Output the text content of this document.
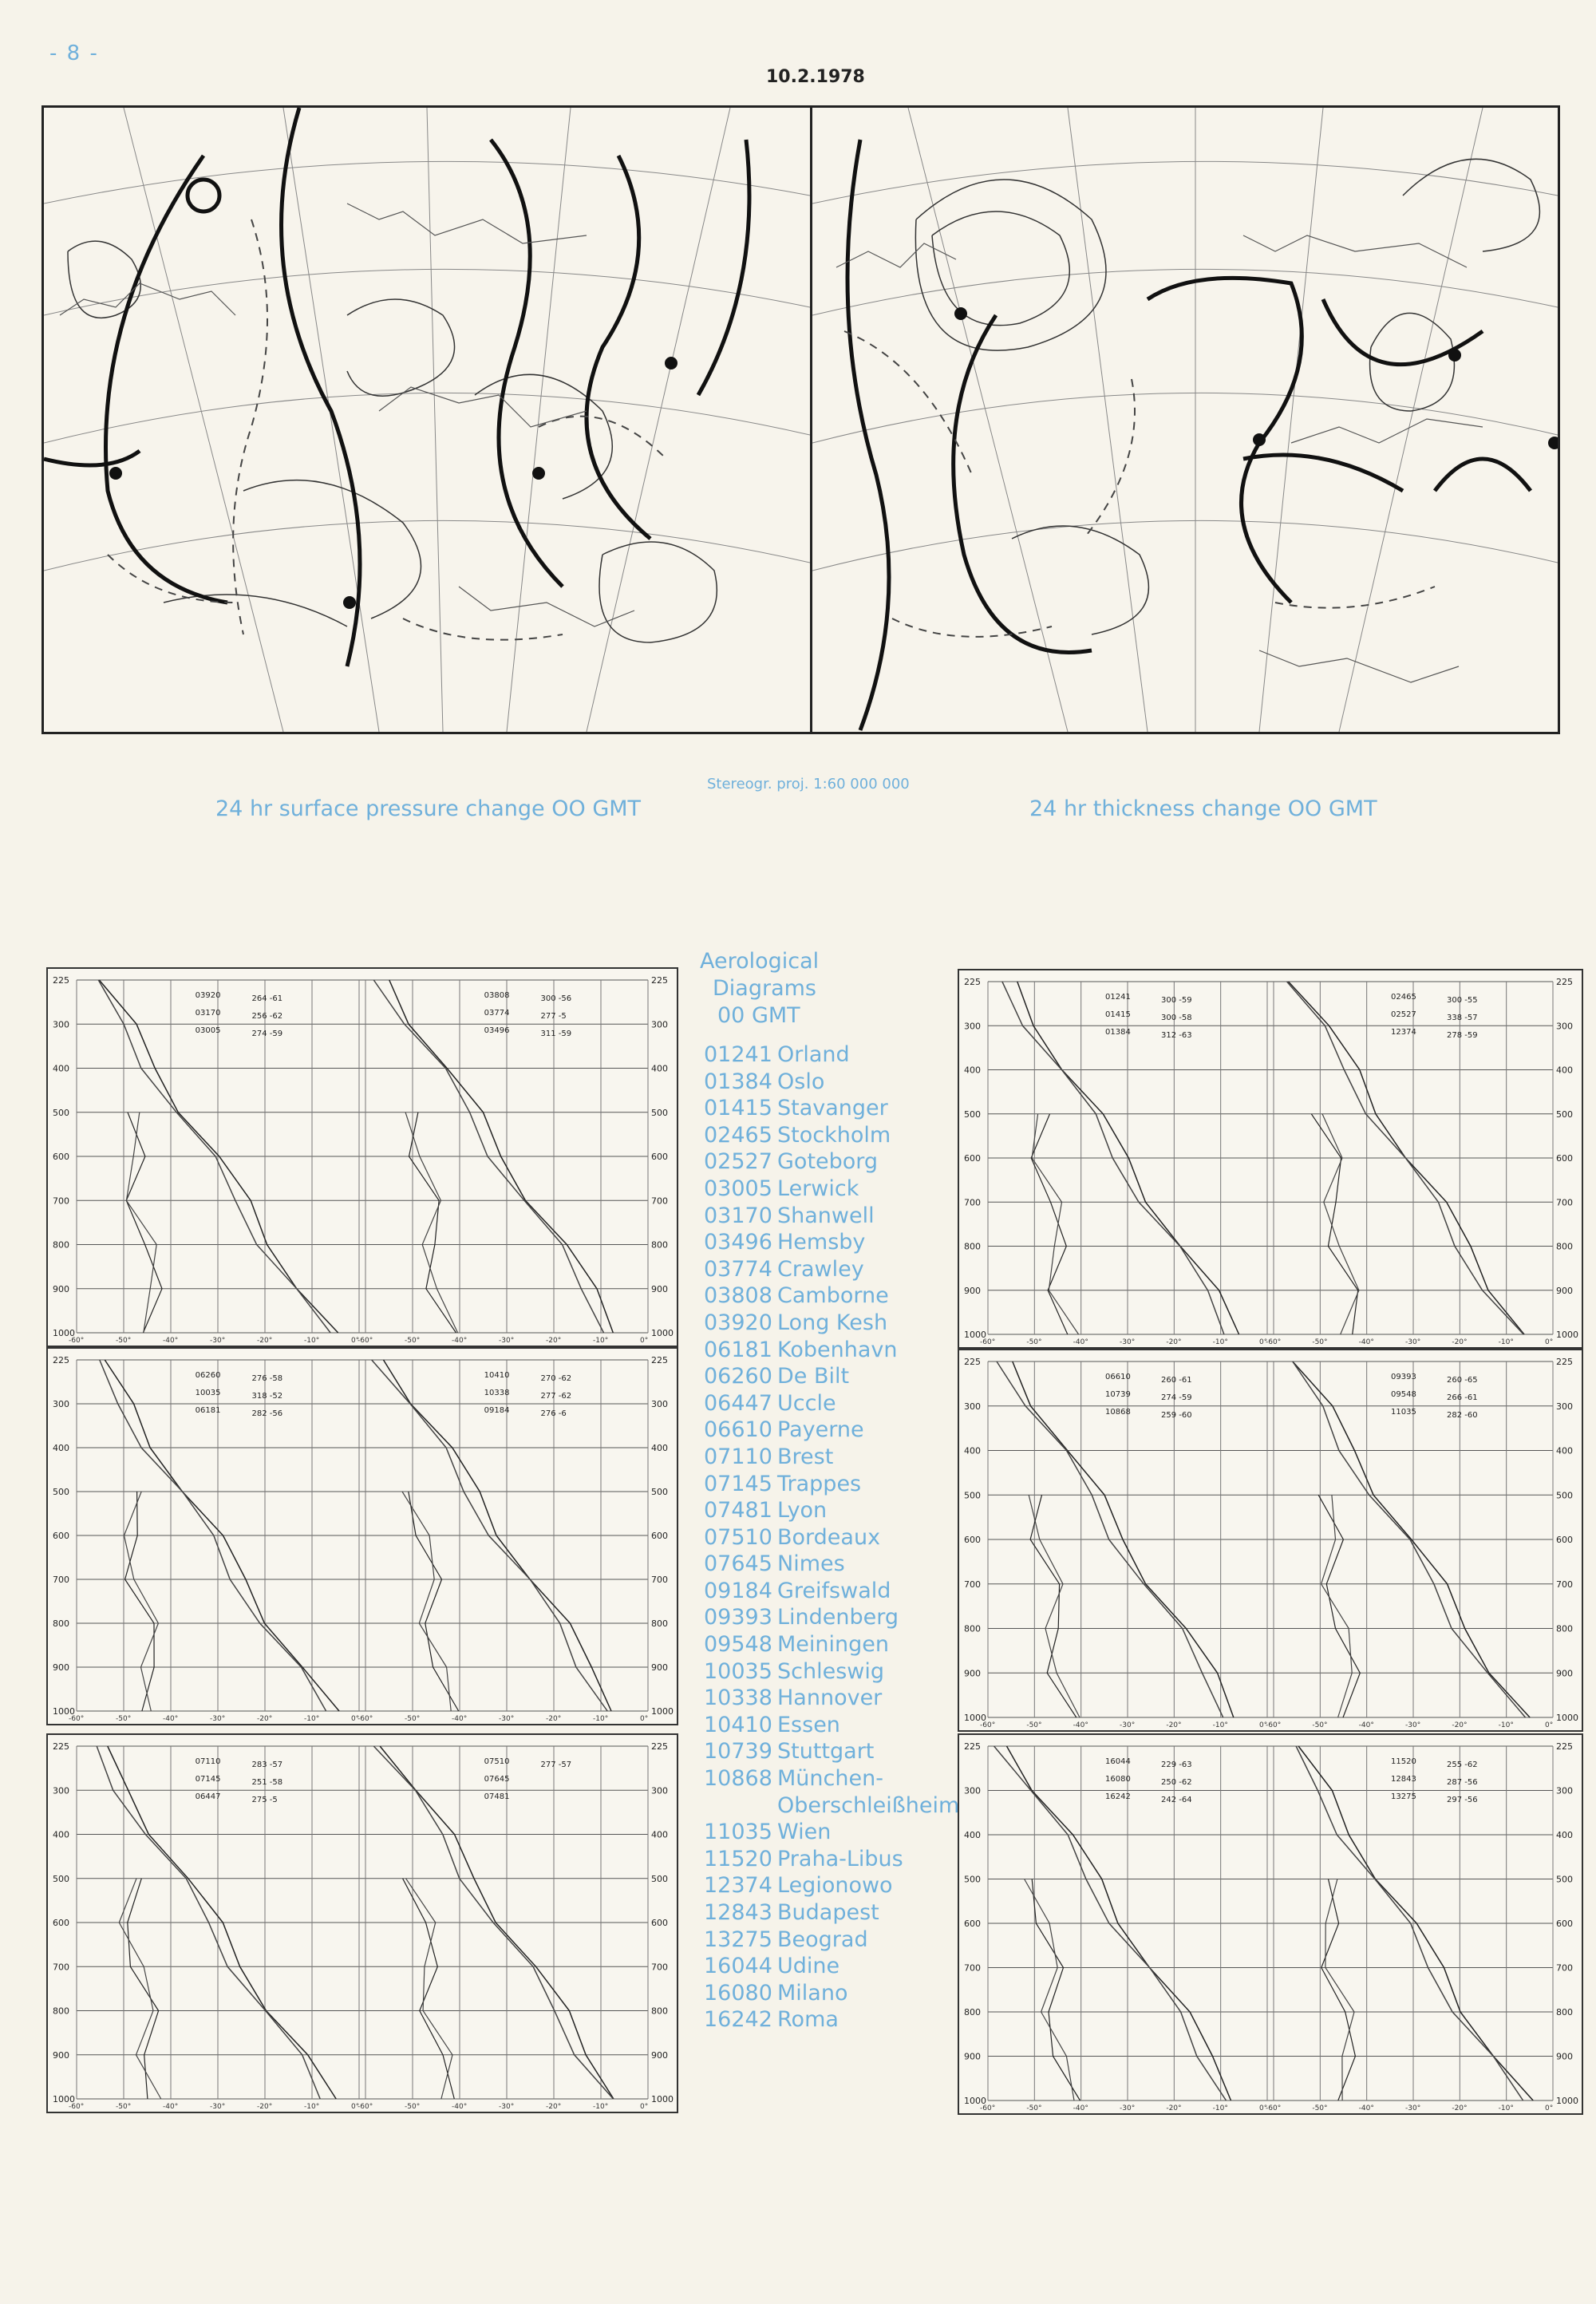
- 8 -
10.2.1978
Stereogr. proj. 1:60 000 000
24 hr surface pressure change OO GMT	24 hr thickness change OO GMT
225	225
300	300
400	400
500	500
600	600
700	700
800	800
900	900
1000	1000
-60°	-50°	-40°	-30°	-20°	-10°	0°
03920	264 -61
03170	256 -62
03005	274 -59
-60°	-50°	-40°	-30°	-20°	-10°	0°
03808	300 -56
03774	277 -5
03496	311 -59
225	225
300	300
400	400
500	500
600	600
700	700
800	800
900	900
1000	1000
-60°	-50°	-40°	-30°	-20°	-10°	0°
06260	276 -58
10035	318 -52
06181	282 -56
-60°	-50°	-40°	-30°	-20°	-10°	0°
10410	270 -62
10338	277 -62
09184	276 -6
225	225
300	300
400	400
500	500
600	600
700	700
800	800
900	900
1000	1000
-60°	-50°	-40°	-30°	-20°	-10°	0°
07110	283 -57
07145	251 -58
06447	275 -5
-60°	-50°	-40°	-30°	-20°	-10°	0°
07510	277 -57
07645
07481
225	225
300	300
400	400
500	500
600	600
700	700
800	800
900	900
1000	1000
-60°	-50°	-40°	-30°	-20°	-10°	0°
01241	300 -59
01415	300 -58
01384	312 -63
-60°	-50°	-40°	-30°	-20°	-10°	0°
02465	300 -55
02527	338 -57
12374	278 -59
225	225
300	300
400	400
500	500
600	600
700	700
800	800
900	900
1000	1000
-60°	-50°	-40°	-30°	-20°	-10°	0°
06610	260 -61
10739	274 -59
10868	259 -60
-60°	-50°	-40°	-30°	-20°	-10°	0°
09393	260 -65
09548	266 -61
11035	282 -60
225	225
300	300
400	400
500	500
600	600
700	700
800	800
900	900
1000	1000
-60°	-50°	-40°	-30°	-20°	-10°	0°
16044	229 -63
16080	250 -62
16242	242 -64
-60°	-50°	-40°	-30°	-20°	-10°	0°
11520	255 -62
12843	287 -56
13275	297 -56
Aerological
Diagrams
00 GMT
01241 Orland
01384 Oslo
01415 Stavanger
02465 Stockholm
02527 Goteborg
03005 Lerwick
03170 Shanwell
03496 Hemsby
03774 Crawley
03808 Camborne
03920 Long Kesh
06181 Kobenhavn
06260 De Bilt
06447 Uccle
06610 Payerne
07110 Brest
07145 Trappes
07481 Lyon
07510 Bordeaux
07645 Nimes
09184 Greifswald
09393 Lindenberg
09548 Meiningen
10035 Schleswig
10338 Hannover
10410 Essen
10739 Stuttgart
10868 München-
Oberschleißheim
11035 Wien
11520 Praha-Libus
12374 Legionowo
12843 Budapest
13275 Beograd
16044 Udine
16080 Milano
16242 Roma
